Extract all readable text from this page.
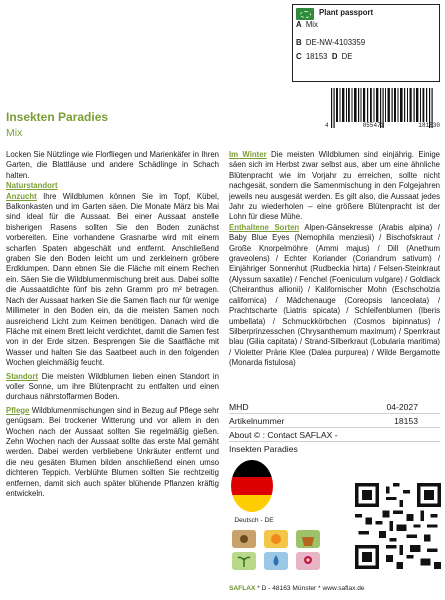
Plant passport
A Mix
B DE-NW-4103359
C 18153 D DE
4	055473	181530
Insekten Paradies
Mix

Locken Sie Nützlinge wie Florfliegen und Marienkäfer in Ihren Garten, die Blattläuse und andere Schädlinge in Schach halten.

Naturstandort

Anzucht Ihre Wildblumen können Sie im Topf, Kübel, Balkonkasten und im Garten säen. Die Monate März bis Mai sind ideal für die Aussaat. Bei einer Aussaat anstelle bisherigen Rasens sollten Sie den Boden zunächst vorbereiten. Eine vorhandene Grasnarbe wird mit einem scharfen Spaten abgeschält und entfernt. Anschließend graben Sie den Boden leicht um und zerkleinern gröbere Erdklumpen. Dann ebnen Sie die Fläche mit einem Rechen ein. Säen Sie die Wildblumenmischung breit aus. Dabei sollte die Aussaatdichte fünf bis zehn Gramm pro m² betragen. Nach der Aussaat harken Sie die Samen flach nur für wenige Millimeter in den Boden ein, da die meisten Samen noch ausreichend Licht zum Keimen benötigen. Danach wird die Fläche mit einem Brett leicht verdichtet, damit die Samen fest von in der Erde sitzen. Besprengen Sie die Saatfläche mit Wasser und halten Sie das Saatbeet auch in den folgenden Wochen gleichmäßig feucht.

Standort Die meisten Wildblumen lieben einen Standort in voller Sonne, um ihre Blütenpracht zu entfalten und einen durchaus nährstoffarmen Boden.

Pflege Wildblumenmischungen sind in Bezug auf Pflege sehr genügsam. Bei trockener Witterung und vor allem in den Wochen nach der Aussaat sollten Sie regelmäßig gießen. Zehn Wochen nach der Aussaat sollte das erste Mal gemäht werden. Dabei werden verbliebene Unkräuter entfernt und die neu gesäten Blumen bilden anschließend einen umso dichteren Teppich. Verblühte Blumen sollten Sie rechtzeitig entfernen, damit sich auch später blühende Pflanzen kräftig entwickeln.

Im Winter Die meisten Wildblumen sind einjährig. Einige säen sich im Herbst zwar selbst aus, aber um eine ähnliche Blütenpracht wie im Vorjahr zu erreichen, sollte nicht nachgesät, sondern die Samenmischung in den Folgejahren jeweils neu ausgesät werden. Es gilt also, die Aussaat jedes Jahr zu wiederholen – eine größere Blütenpracht ist der Lohn für diese Mühe.

Enthaltene Sorten Alpen-Gänsekresse (Arabis alpina) / Baby Blue Eyes (Nemophila menziesii) / Bischofskraut / Große Knorpelmöhre (Ammi majus) / Dill (Anethum graveolens) / Echter Koriander (Coriandrum sativum) / Einjähriger Sonnenhut (Rudbeckia hirta) / Felsen-Steinkraut (Alyssum saxatile) / Fenchel (Foeniculum vulgare) / Goldlack (Cheiranthus allionii) / Kalifornischer Mohn (Eschscholzia californica) / Mädchenauge (Coreopsis lanceolata) / Prachtscharte (Liatris spicata) / Schleifenblumen (Iberis umbellata) / Schmuckkörbchen (Cosmos bipinnatus) / Silberprinzesschen (Chrysanthemum maximum) / Sperrkraut blau (Gilia capitata) / Strand-Silberkraut (Lobularia maritima) / Violetter Prärie Klee (Dalea purpurea) / Wilde Bergamotte (Monarda fistulosa)

MHD	04-2027
Artikelnummer	18153
About © : Contact SAFLAX -
Insekten Paradies
Deutsch - DE
SAFLAX * D - 48163 Münster * www.saflax.de
